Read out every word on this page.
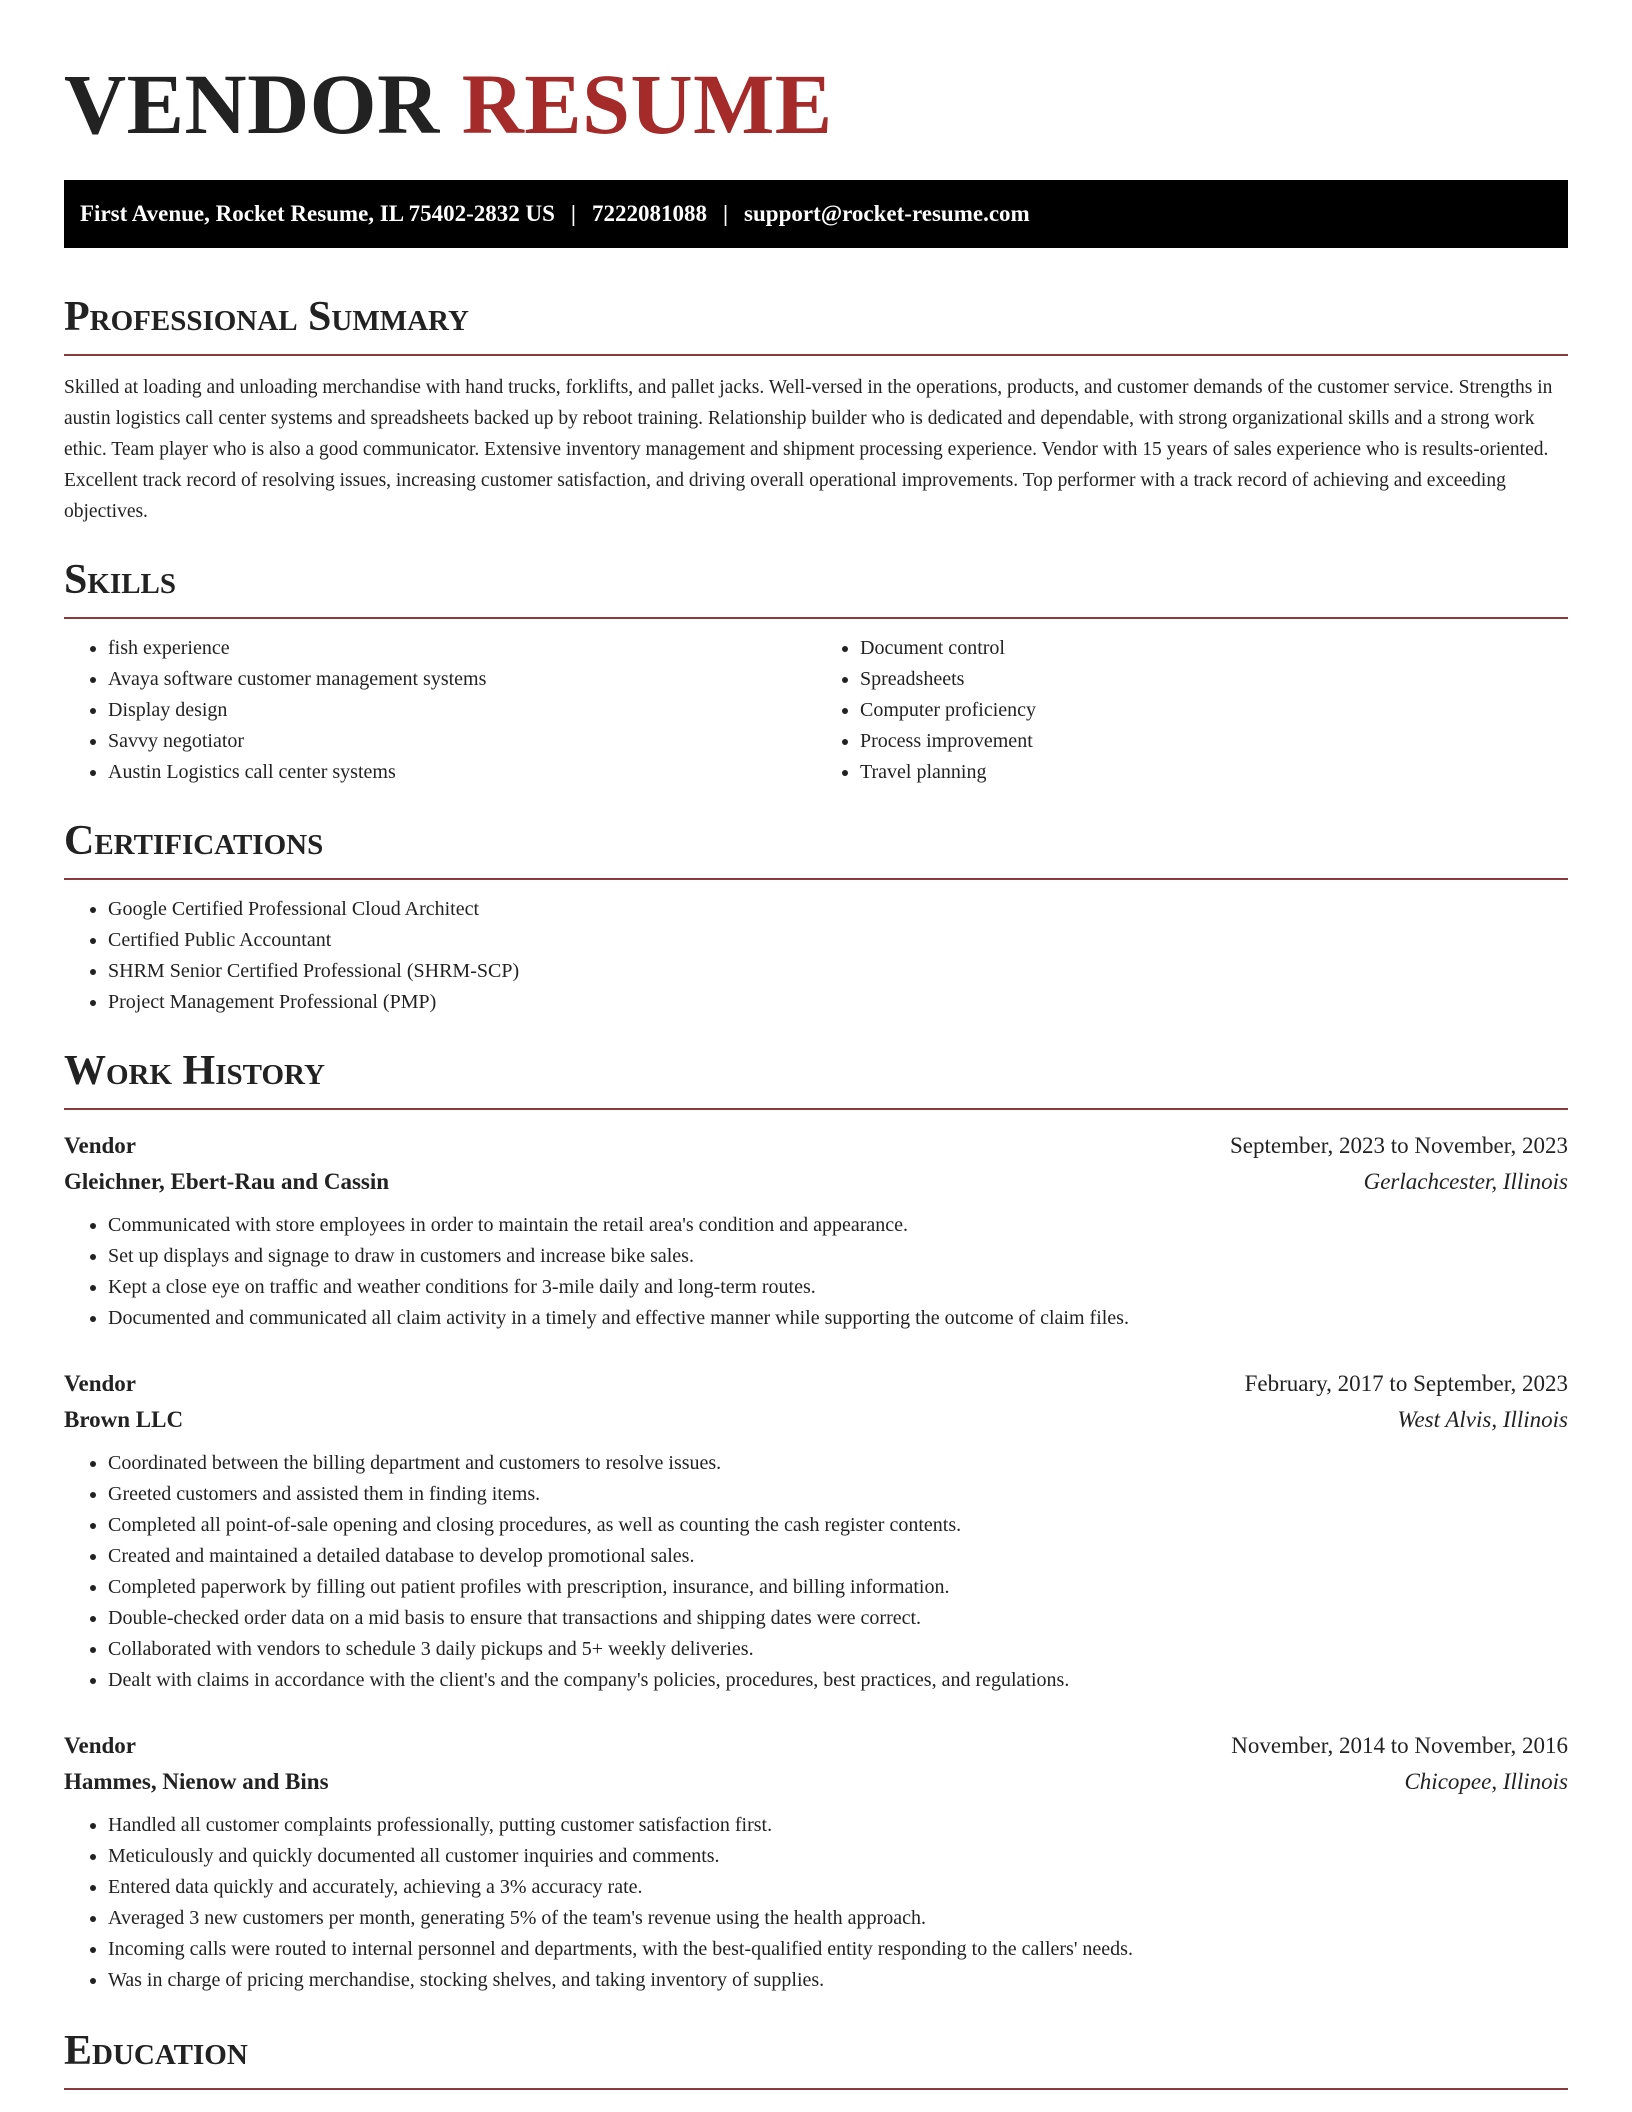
VENDOR RESUME
First Avenue, Rocket Resume, IL 75402-2832 US | 7222081088 | support@rocket-resume.com
Professional Summary

Skilled at loading and unloading merchandise with hand trucks, forklifts, and pallet jacks. Well-versed in the operations, products, and customer demands of the customer service. Strengths in austin logistics call center systems and spreadsheets backed up by reboot training. Relationship builder who is dedicated and dependable, with strong organizational skills and a strong work ethic. Team player who is also a good communicator. Extensive inventory management and shipment processing experience. Vendor with 15 years of sales experience who is results-oriented. Excellent track record of resolving issues, increasing customer satisfaction, and driving overall operational improvements. Top performer with a track record of achieving and exceeding objectives.

Skills
• fish experience
• Avaya software customer management systems
• Display design
• Savvy negotiator
• Austin Logistics call center systems
• Document control
• Spreadsheets
• Computer proficiency
• Process improvement
• Travel planning
Certifications
• Google Certified Professional Cloud Architect
• Certified Public Accountant
• SHRM Senior Certified Professional (SHRM-SCP)
• Project Management Professional (PMP)
Work History
Vendor	September, 2023 to November, 2023
Gleichner, Ebert-Rau and Cassin	Gerlachcester, Illinois
• Communicated with store employees in order to maintain the retail area's condition and appearance.
• Set up displays and signage to draw in customers and increase bike sales.
• Kept a close eye on traffic and weather conditions for 3-mile daily and long-term routes.
• Documented and communicated all claim activity in a timely and effective manner while supporting the outcome of claim files.
Vendor	February, 2017 to September, 2023
Brown LLC	West Alvis, Illinois
• Coordinated between the billing department and customers to resolve issues.
• Greeted customers and assisted them in finding items.
• Completed all point-of-sale opening and closing procedures, as well as counting the cash register contents.
• Created and maintained a detailed database to develop promotional sales.
• Completed paperwork by filling out patient profiles with prescription, insurance, and billing information.
• Double-checked order data on a mid basis to ensure that transactions and shipping dates were correct.
• Collaborated with vendors to schedule 3 daily pickups and 5+ weekly deliveries.
• Dealt with claims in accordance with the client's and the company's policies, procedures, best practices, and regulations.
Vendor	November, 2014 to November, 2016
Hammes, Nienow and Bins	Chicopee, Illinois
• Handled all customer complaints professionally, putting customer satisfaction first.
• Meticulously and quickly documented all customer inquiries and comments.
• Entered data quickly and accurately, achieving a 3% accuracy rate.
• Averaged 3 new customers per month, generating 5% of the team's revenue using the health approach.
• Incoming calls were routed to internal personnel and departments, with the best-qualified entity responding to the callers' needs.
• Was in charge of pricing merchandise, stocking shelves, and taking inventory of supplies.
Education
